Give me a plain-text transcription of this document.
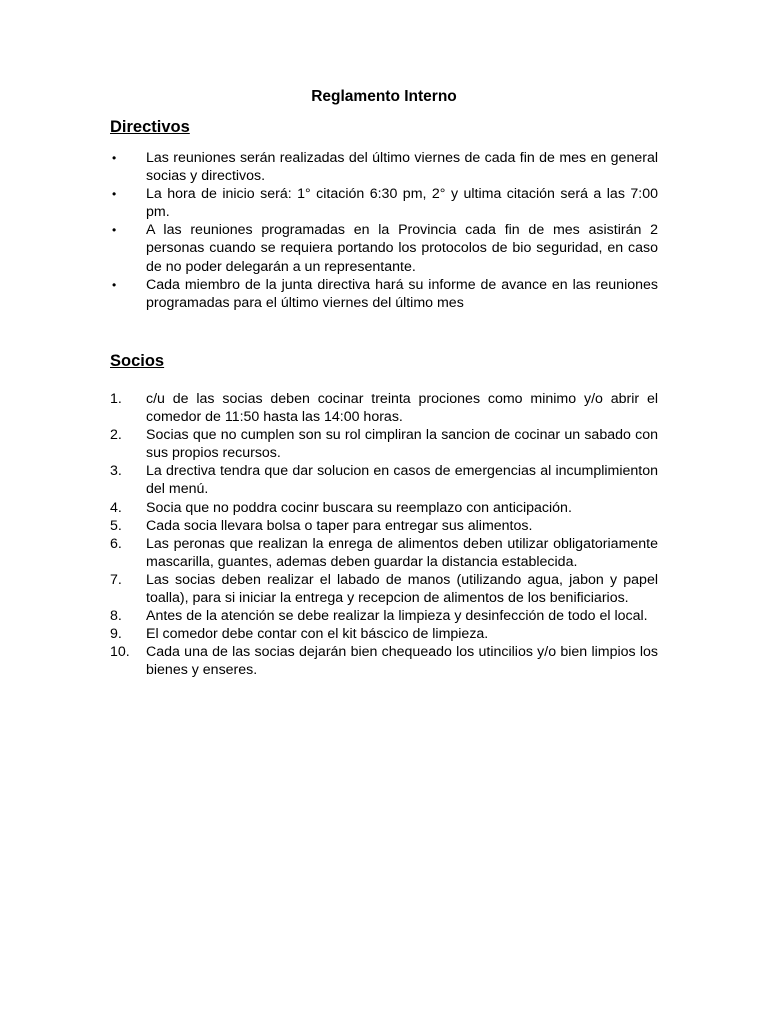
Reglamento Interno
Directivos
•	Las reuniones serán realizadas del último viernes de cada fin de mes en general socias y directivos.
•	La hora de inicio será: 1° citación 6:30 pm, 2° y ultima citación será a las 7:00 pm.
•	A las reuniones programadas en la Provincia cada fin de mes asistirán 2 personas cuando se requiera portando los protocolos de bio seguridad, en caso de no poder delegarán a un representante.
•	Cada miembro de la junta directiva hará su informe de avance en las reuniones programadas para el último viernes del último mes
Socios
1.	c/u de las socias deben cocinar treinta prociones como minimo y/o abrir el comedor de 11:50 hasta las 14:00 horas.
2.	Socias que no cumplen son su rol cimpliran la sancion de cocinar un sabado con sus propios recursos.
3.	La drectiva tendra que dar solucion en casos de emergencias al incumplimienton del menú.
4.	Socia que no poddra cocinr buscara su reemplazo con anticipación.
5.	Cada socia llevara bolsa o taper para entregar sus alimentos.
6.	Las peronas que realizan la enrega de alimentos deben utilizar obligatoriamente mascarilla, guantes, ademas deben guardar la distancia establecida.
7.	Las socias deben realizar el labado de manos (utilizando agua, jabon y papel toalla), para si iniciar la entrega y recepcion de alimentos de los benificiarios.
8.	Antes de la atención se debe realizar la limpieza y desinfección de todo el local.
9.	El comedor debe contar con el kit báscico de limpieza.
10.	Cada una de las socias dejarán bien chequeado los utincilios y/o bien limpios los bienes y enseres.
